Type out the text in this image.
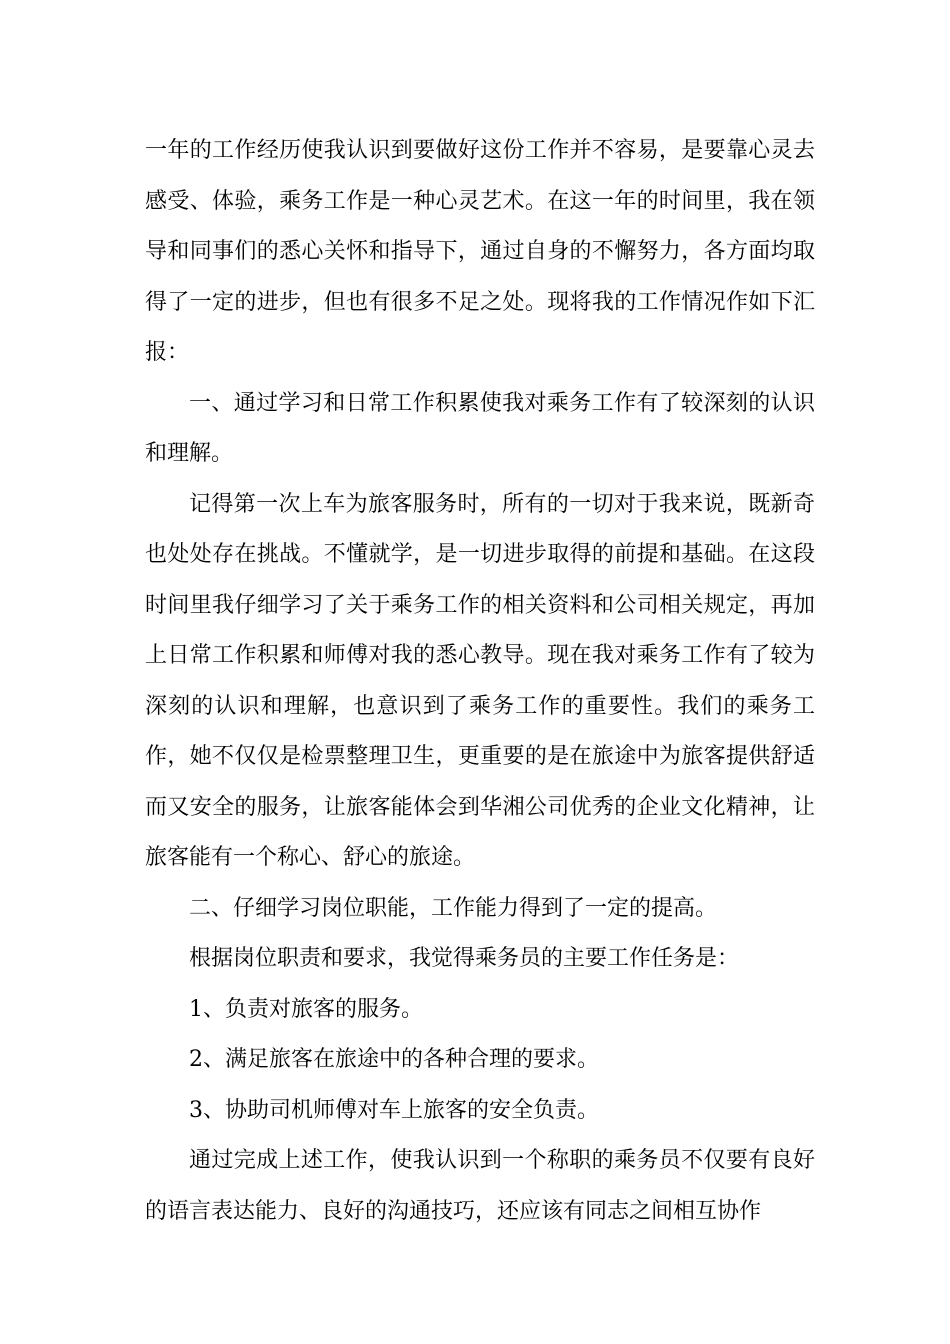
一年的工作经历使我认识到要做好这份工作并不容易，是要靠心灵去感受、体验，乘务工作是一种心灵艺术。在这一年的时间里，我在领导和同事们的悉心关怀和指导下，通过自身的不懈努力，各方面均取得了一定的进步，但也有很多不足之处。现将我的工作情况作如下汇报：

一、通过学习和日常工作积累使我对乘务工作有了较深刻的认识和理解。

记得第一次上车为旅客服务时，所有的一切对于我来说，既新奇也处处存在挑战。不懂就学，是一切进步取得的前提和基础。在这段时间里我仔细学习了关于乘务工作的相关资料和公司相关规定，再加上日常工作积累和师傅对我的悉心教导。现在我对乘务工作有了较为深刻的认识和理解，也意识到了乘务工作的重要性。我们的乘务工作，她不仅仅是检票整理卫生，更重要的是在旅途中为旅客提供舒适而又安全的服务，让旅客能体会到华湘公司优秀的企业文化精神，让旅客能有一个称心、舒心的旅途。

二、仔细学习岗位职能，工作能力得到了一定的提高。

根据岗位职责和要求，我觉得乘务员的主要工作任务是：

1、负责对旅客的服务。

2、满足旅客在旅途中的各种合理的要求。

3、协助司机师傅对车上旅客的安全负责。

通过完成上述工作，使我认识到一个称职的乘务员不仅要有良好的语言表达能力、良好的沟通技巧，还应该有同志之间相互协作
